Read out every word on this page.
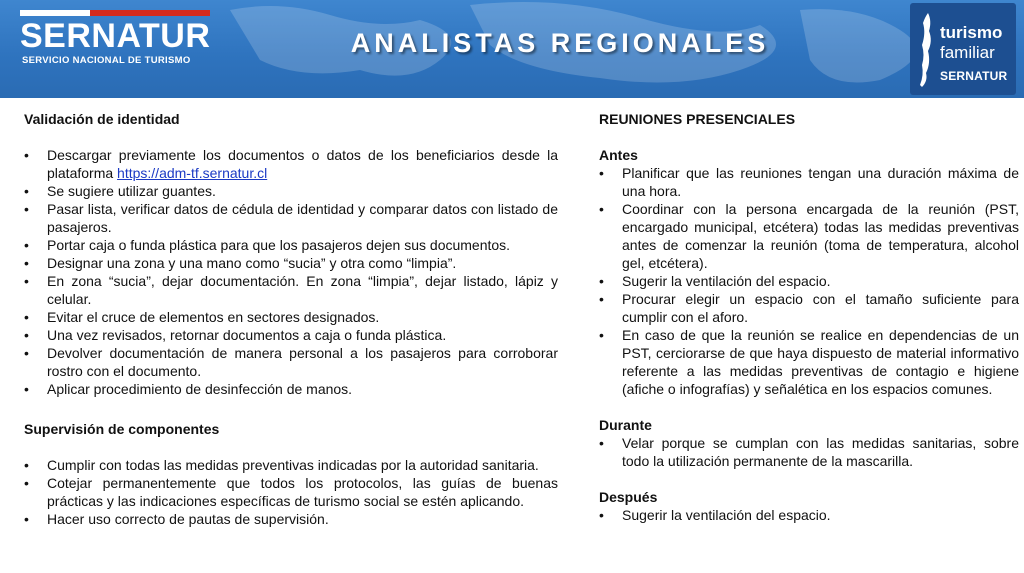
SERNATUR
SERVICIO NACIONAL DE TURISMO
ANALISTAS REGIONALES	turismo
familiar
SERNATUR
Validación de identidad
• Descargar previamente los documentos o datos de los beneficiarios desde la plataforma https://adm-tf.sernatur.cl
• Se sugiere utilizar guantes.
• Pasar lista, verificar datos de cédula de identidad y comparar datos con listado de pasajeros.
• Portar caja o funda plástica para que los pasajeros dejen sus documentos.
• Designar una zona y una mano como “sucia” y otra como “limpia”.
• En zona “sucia”, dejar documentación. En zona “limpia”, dejar listado, lápiz y celular.
• Evitar el cruce de elementos en sectores designados.
• Una vez revisados, retornar documentos a caja o funda plástica.
• Devolver documentación de manera personal a los pasajeros para corroborar rostro con el documento.
• Aplicar procedimiento de desinfección de manos.
Supervisión de componentes
• Cumplir con todas las medidas preventivas indicadas por la autoridad sanitaria.
• Cotejar permanentemente que todos los protocolos, las guías de buenas prácticas y las indicaciones específicas de turismo social se estén aplicando.
• Hacer uso correcto de pautas de supervisión.
REUNIONES PRESENCIALES
Antes
• Planificar que las reuniones tengan una duración máxima de una hora.
• Coordinar con la persona encargada de la reunión (PST, encargado municipal, etcétera) todas las medidas preventivas antes de comenzar la reunión (toma de temperatura, alcohol gel, etcétera).
• Sugerir la ventilación del espacio.
• Procurar elegir un espacio con el tamaño suficiente para cumplir con el aforo.
• En caso de que la reunión se realice en dependencias de un PST, cerciorarse de que haya dispuesto de material informativo referente a las medidas preventivas de contagio e higiene (afiche o infografías) y señalética en los espacios comunes.
Durante
• Velar porque se cumplan con las medidas sanitarias, sobre todo la utilización permanente de la mascarilla.
Después
• Sugerir la ventilación del espacio.
